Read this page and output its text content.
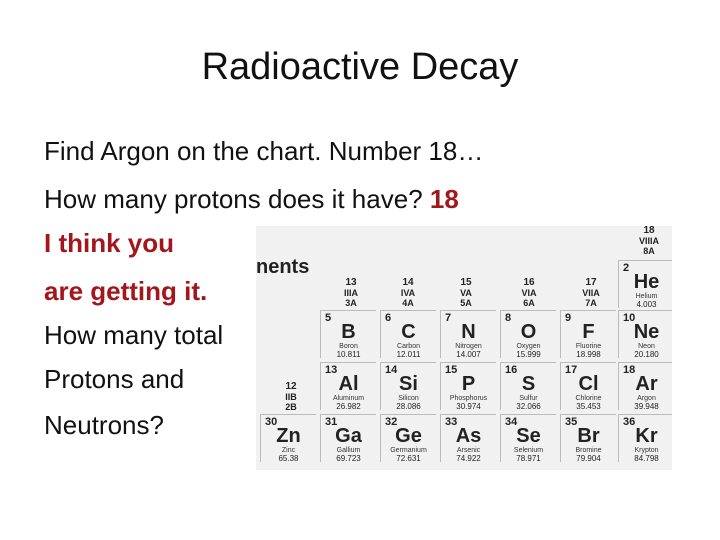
Radioactive Decay
Find Argon on the chart. Number 18…
How many protons does it have? 18
I think you
are getting it.
How many total
Protons and
Neutrons?
nents
13
IIIA
3A
14
IVA
4A
15
VA
5A
16
VIA
6A
17
VIIA
7A
18
VIIIA
8A
12
IIB
2B
2
He
Helium
4.003
5
B
Boron
10.811
6
C
Carbon
12.011
7
N
Nitrogen
14.007
8
O
Oxygen
15.999
9
F
Fluorine
18.998
10
Ne
Neon
20.180
13
Al
Aluminum
26.982
14
Si
Silicon
28.086
15
P
Phosphorus
30.974
16
S
Sulfur
32.066
17
Cl
Chlorine
35.453
18
Ar
Argon
39.948
30
Zn
Zinc
65.38
31
Ga
Gallium
69.723
32
Ge
Germanium
72.631
33
As
Arsenic
74.922
34
Se
Selenium
78.971
35
Br
Bromine
79.904
36
Kr
Krypton
84.798
